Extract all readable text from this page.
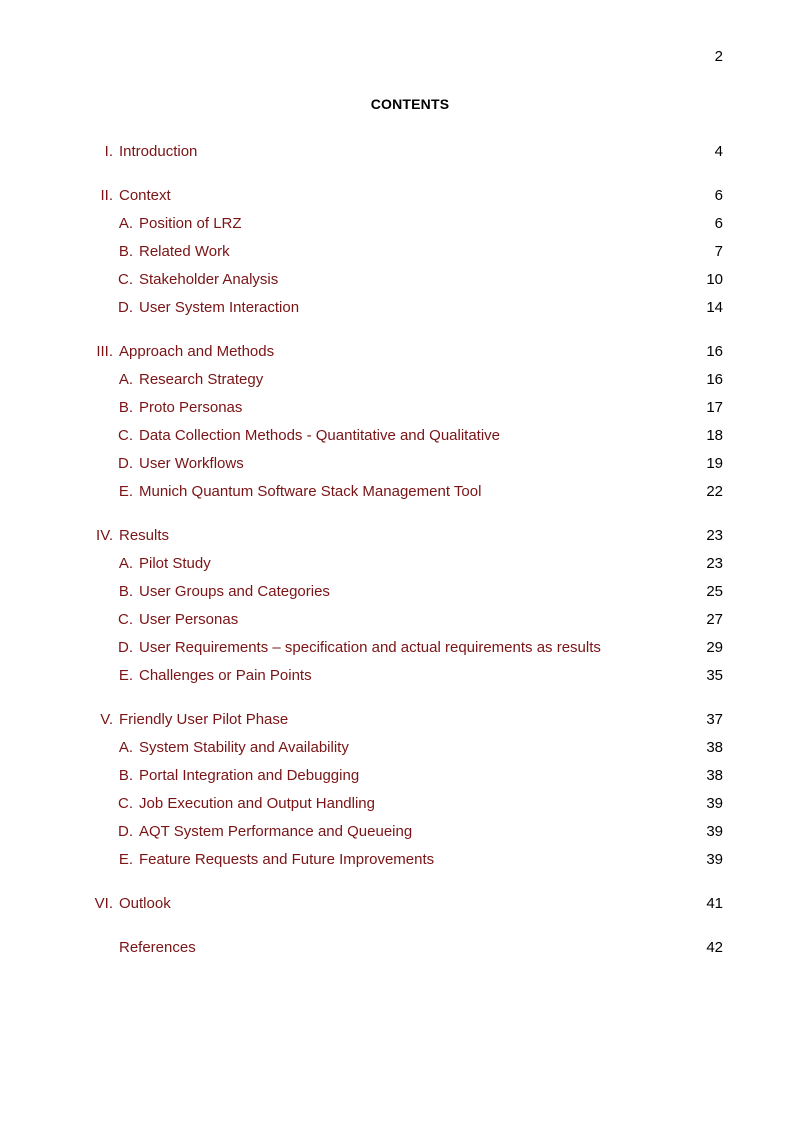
2
CONTENTS
I. Introduction	4
II. Context	6
A. Position of LRZ	6
B. Related Work	7
C. Stakeholder Analysis	10
D. User System Interaction	14
III. Approach and Methods	16
A. Research Strategy	16
B. Proto Personas	17
C. Data Collection Methods - Quantitative and Qualitative	18
D. User Workflows	19
E. Munich Quantum Software Stack Management Tool	22
IV. Results	23
A. Pilot Study	23
B. User Groups and Categories	25
C. User Personas	27
D. User Requirements – specification and actual requirements as results	29
E. Challenges or Pain Points	35
V. Friendly User Pilot Phase	37
A. System Stability and Availability	38
B. Portal Integration and Debugging	38
C. Job Execution and Output Handling	39
D. AQT System Performance and Queueing	39
E. Feature Requests and Future Improvements	39
VI. Outlook	41
References	42
